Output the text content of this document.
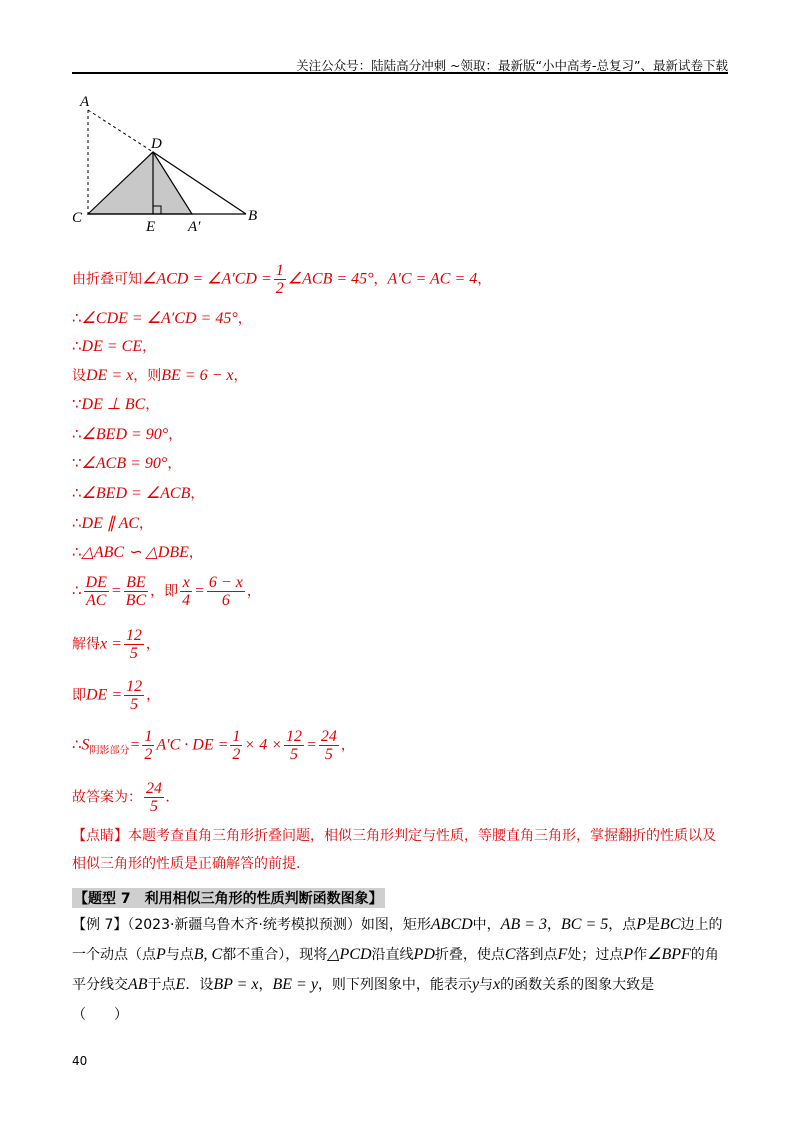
关注公众号：陆陆高分冲刺 ~领取：最新版“小中高考-总复习”、最新试卷下载
A
D
C
E A′
B
由折叠可知∠ACD = ∠A′CD = $\frac{1}{2}$ ∠ACB = 45°，A′C = AC = 4，
∴∠CDE = ∠A′CD = 45°，
∴DE = CE，
设DE = x，则BE = 6 − x，
∵DE ⊥ BC，
∴∠BED = 90°，
∵∠ACB = 90°，
∴∠BED = ∠ACB，
∴DE ∥ AC，
∴△ABC ∽ △DBE，
∴ $\frac{DE}{AC} = \frac{BE}{BC}$ ，即 $\frac{x}{4} = \frac{6 - x}{6}$ ，
解得$x = \frac{12}{5}$ ，
即DE = $\frac{12}{5}$ ，
$\therefore S_{阴影部分}= \frac{1}{2} A'C$ · DE = $\frac{1}{2} \times 4 \times \frac{12}{5} = \frac{24}{5}$ ，
故答案为： $\frac{24}{5}$ .
【点睛】本题考查直角三角形折叠问题，相似三角形判定与性质，等腰直角三角形，掌握翻折的性质以及相似三角形的性质是正确解答的前提.
【题型 7　利用相似三角形的性质判断函数图象】
【例 7】（2023·新疆乌鲁木齐·统考模拟预测）如图，矩形ABCD中，AB = 3，BC = 5，点P是BC边上的一个动点（点P与点B, C都不重合），现将△PCD沿直线PD折叠，使点C落到点F处；过点P作∠BPF的角平分线交AB于点E．设BP = x，BE = y，则下列图象中，能表示y与x的函数关系的图象大致是
（　　）
40
